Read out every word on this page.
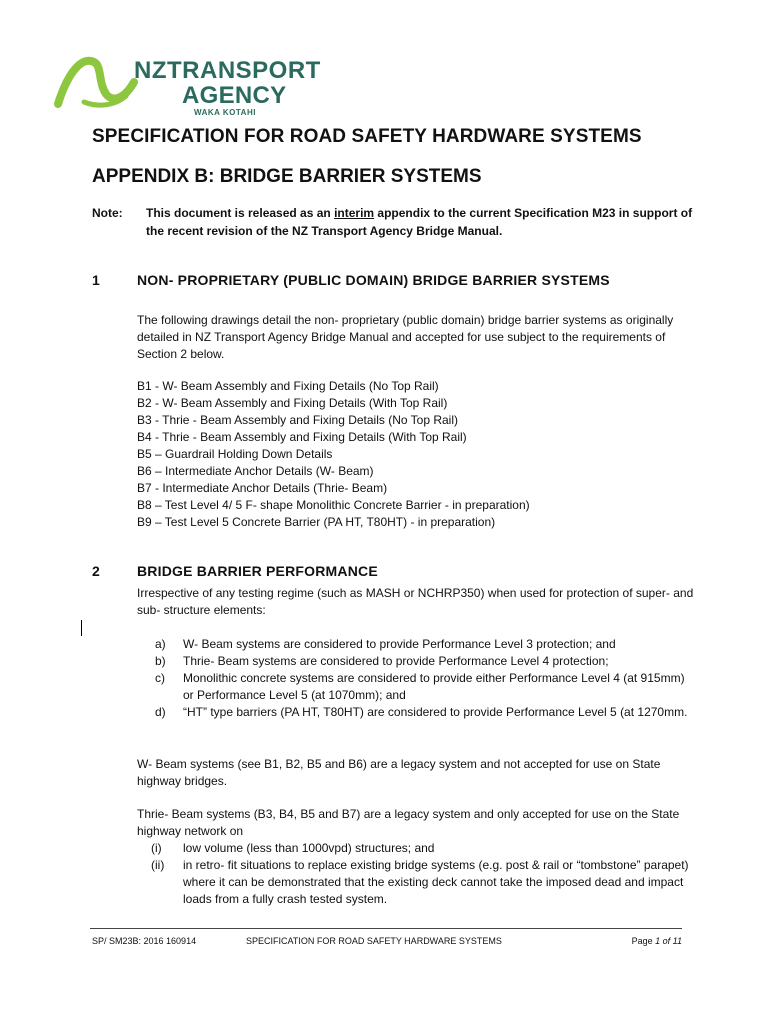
NZTRANSPORT
AGENCY
WAKA KOTAHI
SPECIFICATION FOR ROAD SAFETY HARDWARE SYSTEMS
APPENDIX B: BRIDGE BARRIER SYSTEMS
Note: This document is released as an interim appendix to the current Specification M23 in support of the recent revision of the NZ Transport Agency Bridge Manual.
1	NON- PROPRIETARY (PUBLIC DOMAIN) BRIDGE BARRIER SYSTEMS
The following drawings detail the non- proprietary (public domain) bridge barrier systems as originally detailed in NZ Transport Agency Bridge Manual and accepted for use subject to the requirements of Section 2 below.
B1 - W- Beam Assembly and Fixing Details (No Top Rail)
B2 - W- Beam Assembly and Fixing Details (With Top Rail)
B3 - Thrie - Beam Assembly and Fixing Details (No Top Rail)
B4 - Thrie - Beam Assembly and Fixing Details (With Top Rail)
B5 – Guardrail Holding Down Details
B6 – Intermediate Anchor Details (W- Beam)
B7 - Intermediate Anchor Details (Thrie- Beam)
B8 – Test Level 4/ 5 F- shape Monolithic Concrete Barrier - in preparation)
B9 – Test Level 5 Concrete Barrier (PA HT, T80HT) - in preparation)
2	BRIDGE BARRIER PERFORMANCE
Irrespective of any testing regime (such as MASH or NCHRP350) when used for protection of super- and sub- structure elements:
a) W- Beam systems are considered to provide Performance Level 3 protection; and
b) Thrie- Beam systems are considered to provide Performance Level 4 protection;
c) Monolithic concrete systems are considered to provide either Performance Level 4 (at 915mm) or Performance Level 5 (at 1070mm); and
d) “HT” type barriers (PA HT, T80HT) are considered to provide Performance Level 5 (at 1270mm.
W- Beam systems (see B1, B2, B5 and B6) are a legacy system and not accepted for use on State highway bridges.
Thrie- Beam systems (B3, B4, B5 and B7) are a legacy system and only accepted for use on the State highway network on
(i) low volume (less than 1000vpd) structures; and
(ii) in retro- fit situations to replace existing bridge systems (e.g. post & rail or “tombstone” parapet) where it can be demonstrated that the existing deck cannot take the imposed dead and impact loads from a fully crash tested system.
SP/ SM23B: 2016 160914	SPECIFICATION FOR ROAD SAFETY HARDWARE SYSTEMS	Page 1 of 11
